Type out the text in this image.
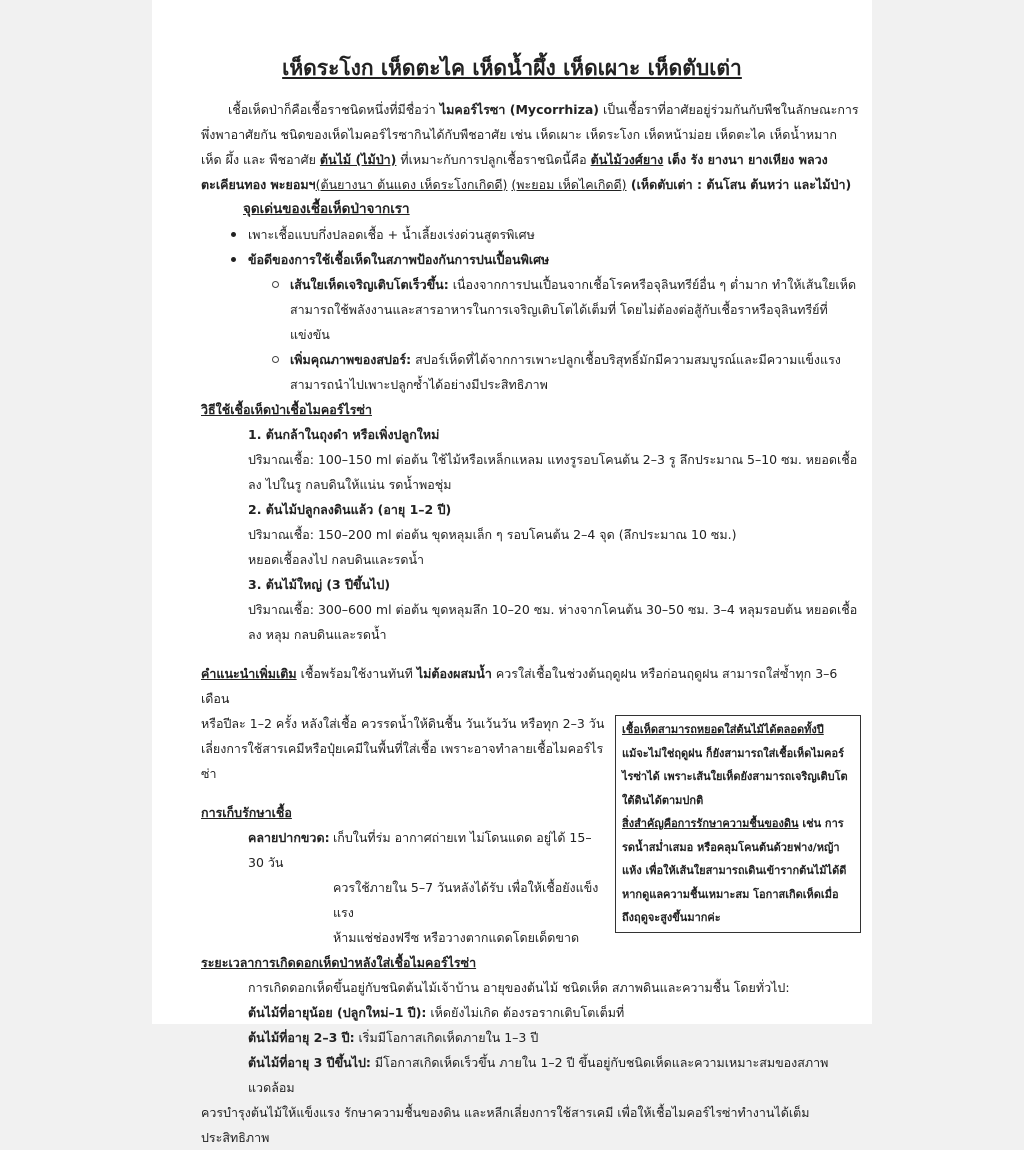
เห็ดระโงก เห็ดตะไค เห็ดน้ำผึ้ง เห็ดเผาะ เห็ดตับเต่า
เชื้อเห็ดป่าก็คือเชื้อราชนิดหนึ่งที่มีชื่อว่า ไมคอร์ไรซา (Mycorrhiza) เป็นเชื้อราที่อาศัยอยู่ร่วมกันกับพืชในลักษณะการ พึ่งพาอาศัยกัน ชนิดของเห็ดไมคอร์ไรซากินได้กับพืชอาศัย เช่น เห็ดเผาะ เห็ดระโงก เห็ดหน้าม่อย เห็ดตะไค เห็ดน้ำหมาก เห็ด ผึ้ง และ พืชอาศัย ต้นไม้ (ไม้ป่า) ที่เหมาะกับการปลูกเชื้อราชนิดนี้คือ ต้นไม้วงศ์ยาง เต็ง รัง ยางนา ยางเหียง พลวง ตะเคียนทอง พะยอมฯ(ต้นยางนา ต้นแดง เห็ดระโงกเกิดดี) (พะยอม เห็ดไคเกิดดี) (เห็ดตับเต่า : ต้นโสน ต้นหว่า และไม้ป่า)
จุดเด่นของเชื้อเห็ดป่าจากเรา
เพาะเชื้อแบบกึ่งปลอดเชื้อ + น้ำเลี้ยงเร่งด่วนสูตรพิเศษ
ข้อดีของการใช้เชื้อเห็ดในสภาพป้องกันการปนเปื้อนพิเศษ
เส้นใยเห็ดเจริญเติบโตเร็วขึ้น: เนื่องจากการปนเปื้อนจากเชื้อโรคหรือจุลินทรีย์อื่น ๆ ต่ำมาก ทำให้เส้นใยเห็ด สามารถใช้พลังงานและสารอาหารในการเจริญเติบโตได้เต็มที่ โดยไม่ต้องต่อสู้กับเชื้อราหรือจุลินทรีย์ที่แข่งขัน
เพิ่มคุณภาพของสปอร์: สปอร์เห็ดที่ได้จากการเพาะปลูกเชื้อบริสุทธิ์มักมีความสมบูรณ์และมีความแข็งแรง สามารถนำไปเพาะปลูกซ้ำได้อย่างมีประสิทธิภาพ
วิธีใช้เชื้อเห็ดป่าเชื้อไมคอร์ไรซ่า
1. ต้นกล้าในถุงดำ หรือเพิ่งปลูกใหม่
ปริมาณเชื้อ: 100–150 ml ต่อต้น ใช้ไม้หรือเหล็กแหลม แทงรูรอบโคนต้น 2–3 รู ลึกประมาณ 5–10 ซม. หยอดเชื้อลง ไปในรู กลบดินให้แน่น รดน้ำพอชุ่ม
2. ต้นไม้ปลูกลงดินแล้ว (อายุ 1–2 ปี)
ปริมาณเชื้อ: 150–200 ml ต่อต้น ขุดหลุมเล็ก ๆ รอบโคนต้น 2–4 จุด (ลึกประมาณ 10 ซม.)
หยอดเชื้อลงไป กลบดินและรดน้ำ
3. ต้นไม้ใหญ่ (3 ปีขึ้นไป)
ปริมาณเชื้อ: 300–600 ml ต่อต้น ขุดหลุมลึก 10–20 ซม. ห่างจากโคนต้น 30–50 ซม. 3–4 หลุมรอบต้น หยอดเชื้อลง หลุม กลบดินและรดน้ำ
คำแนะนำเพิ่มเติม เชื้อพร้อมใช้งานทันที ไม่ต้องผสมน้ำ ควรใส่เชื้อในช่วงต้นฤดูฝน หรือก่อนฤดูฝน สามารถใส่ซ้ำทุก 3–6 เดือน
เชื้อเห็ดสามารถหยอดใส่ต้นไม้ได้ตลอดทั้งปี
แม้จะไม่ใช่ฤดูฝน ก็ยังสามารถใส่เชื้อเห็ดไมคอร์
ไรซ่าได้ เพราะเส้นใยเห็ดยังสามารถเจริญเติบโต
ใต้ดินได้ตามปกติ
สิ่งสำคัญคือการรักษาความชื้นของดิน เช่น การ
รดน้ำสม่ำเสมอ หรือคลุมโคนต้นด้วยฟาง/หญ้า
แห้ง เพื่อให้เส้นใยสามารถเดินเข้ารากต้นไม้ได้ดี
หากดูแลความชื้นเหมาะสม โอกาสเกิดเห็ดเมื่อ
ถึงฤดูจะสูงขึ้นมากค่ะ
หรือปีละ 1–2 ครั้ง หลังใส่เชื้อ ควรรดน้ำให้ดินชื้น วันเว้นวัน หรือทุก 2–3 วัน
เลี่ยงการใช้สารเคมีหรือปุ๋ยเคมีในพื้นที่ใส่เชื้อ เพราะอาจทำลายเชื้อไมคอร์ไรซ่า
การเก็บรักษาเชื้อ
คลายปากขวด: เก็บในที่ร่ม อากาศถ่ายเท ไม่โดนแดด อยู่ได้ 15–30 วัน
ควรใช้ภายใน 5–7 วันหลังได้รับ เพื่อให้เชื้อยังแข็งแรง
ห้ามแช่ช่องฟรีซ หรือวางตากแดดโดยเด็ดขาด
ระยะเวลาการเกิดดอกเห็ดป่าหลังใส่เชื้อไมคอร์ไรซ่า
การเกิดดอกเห็ดขึ้นอยู่กับชนิดต้นไม้เจ้าบ้าน อายุของต้นไม้ ชนิดเห็ด สภาพดินและความชื้น โดยทั่วไป:
ต้นไม้ที่อายุน้อย (ปลูกใหม่–1 ปี): เห็ดยังไม่เกิด ต้องรอรากเติบโตเต็มที่
ต้นไม้ที่อายุ 2–3 ปี: เริ่มมีโอกาสเกิดเห็ดภายใน 1–3 ปี
ต้นไม้ที่อายุ 3 ปีขึ้นไป: มีโอกาสเกิดเห็ดเร็วขึ้น ภายใน 1–2 ปี ขึ้นอยู่กับชนิดเห็ดและความเหมาะสมของสภาพแวดล้อม
ควรบำรุงต้นไม้ให้แข็งแรง รักษาความชื้นของดิน และหลีกเลี่ยงการใช้สารเคมี เพื่อให้เชื้อไมคอร์ไรซ่าทำงานได้เต็มประสิทธิภาพ
